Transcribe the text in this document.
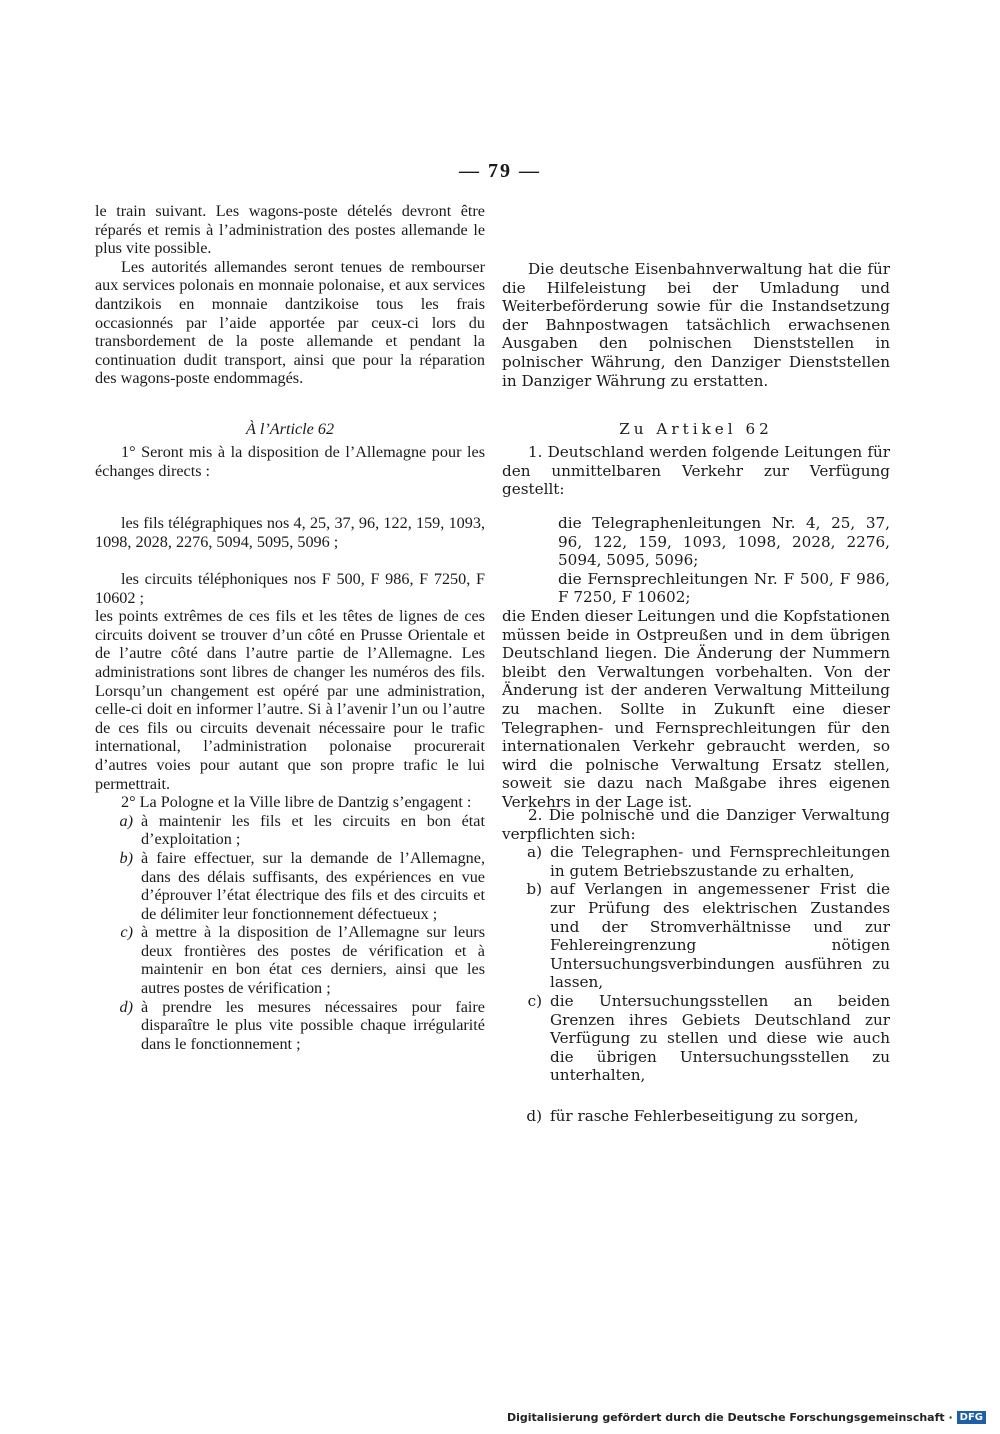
— 79 —

le train suivant. Les wagons-poste dételés devront être réparés et remis à l’administration des postes allemande le plus vite possible.

Les autorités allemandes seront tenues de rembourser aux services polonais en monnaie polonaise, et aux services dantzikois en monnaie dantzikoise tous les frais occasionnés par l’aide apportée par ceux-ci lors du transbordement de la poste allemande et pendant la continuation dudit transport, ainsi que pour la réparation des wagons-poste endommagés.

À l’Article 62

1° Seront mis à la disposition de l’Allemagne pour les échanges directs :

les fils télégraphiques nos 4, 25, 37, 96, 122, 159, 1093, 1098, 2028, 2276, 5094, 5095, 5096 ;

les circuits téléphoniques nos F 500, F 986, F 7250, F 10602 ;

les points extrêmes de ces fils et les têtes de lignes de ces circuits doivent se trouver d’un côté en Prusse Orientale et de l’autre côté dans l’autre partie de l’Allemagne. Les administrations sont libres de changer les numéros des fils. Lorsqu’un changement est opéré par une administration, celle-ci doit en informer l’autre. Si à l’avenir l’un ou l’autre de ces fils ou circuits devenait nécessaire pour le trafic international, l’administration polonaise procurerait d’autres voies pour autant que son propre trafic le lui permettrait.

2° La Pologne et la Ville libre de Dantzig s’engagent :

a) à maintenir les fils et les circuits en bon état d’exploitation ;
b) à faire effectuer, sur la demande de l’Allemagne, dans des délais suffisants, des expériences en vue d’éprouver l’état électrique des fils et des circuits et de délimiter leur fonctionnement défectueux ;
c) à mettre à la disposition de l’Allemagne sur leurs deux frontières des postes de vérification et à maintenir en bon état ces derniers, ainsi que les autres postes de vérification ;
d) à prendre les mesures nécessaires pour faire disparaître le plus vite possible chaque irrégularité dans le fonctionnement ;

Die deutsche Eisenbahnverwaltung hat die für die Hilfeleistung bei der Umladung und Weiterbeförderung sowie für die Instandsetzung der Bahnpostwagen tatsächlich erwachsenen Ausgaben den polnischen Dienststellen in polnischer Währung, den Danziger Dienststellen in Danziger Währung zu erstatten.

Zu Artikel 62

1. Deutschland werden folgende Leitungen für den unmittelbaren Verkehr zur Verfügung gestellt:

die Telegraphenleitungen Nr. 4, 25, 37, 96, 122, 159, 1093, 1098, 2028, 2276, 5094, 5095, 5096;

die Fernsprechleitungen Nr. F 500, F 986, F 7250, F 10602;

die Enden dieser Leitungen und die Kopfstationen müssen beide in Ostpreußen und in dem übrigen Deutschland liegen. Die Änderung der Nummern bleibt den Verwaltungen vorbehalten. Von der Änderung ist der anderen Verwaltung Mitteilung zu machen. Sollte in Zukunft eine dieser Telegraphen- und Fernsprechleitungen für den internationalen Verkehr gebraucht werden, so wird die polnische Verwaltung Ersatz stellen, soweit sie dazu nach Maßgabe ihres eigenen Verkehrs in der Lage ist.

2. Die polnische und die Danziger Verwaltung verpflichten sich:

a) die Telegraphen- und Fernsprechleitungen in gutem Betriebszustande zu erhalten,
b) auf Verlangen in angemessener Frist die zur Prüfung des elektrischen Zustandes und der Stromverhältnisse und zur Fehlereingrenzung nötigen Untersuchungsverbindungen ausführen zu lassen,
c) die Untersuchungsstellen an beiden Grenzen ihres Gebiets Deutschland zur Verfügung zu stellen und diese wie auch die übrigen Untersuchungsstellen zu unterhalten,
d) für rasche Fehlerbeseitigung zu sorgen,
Digitalisierung gefördert durch die Deutsche Forschungsgemeinschaft · DFG
